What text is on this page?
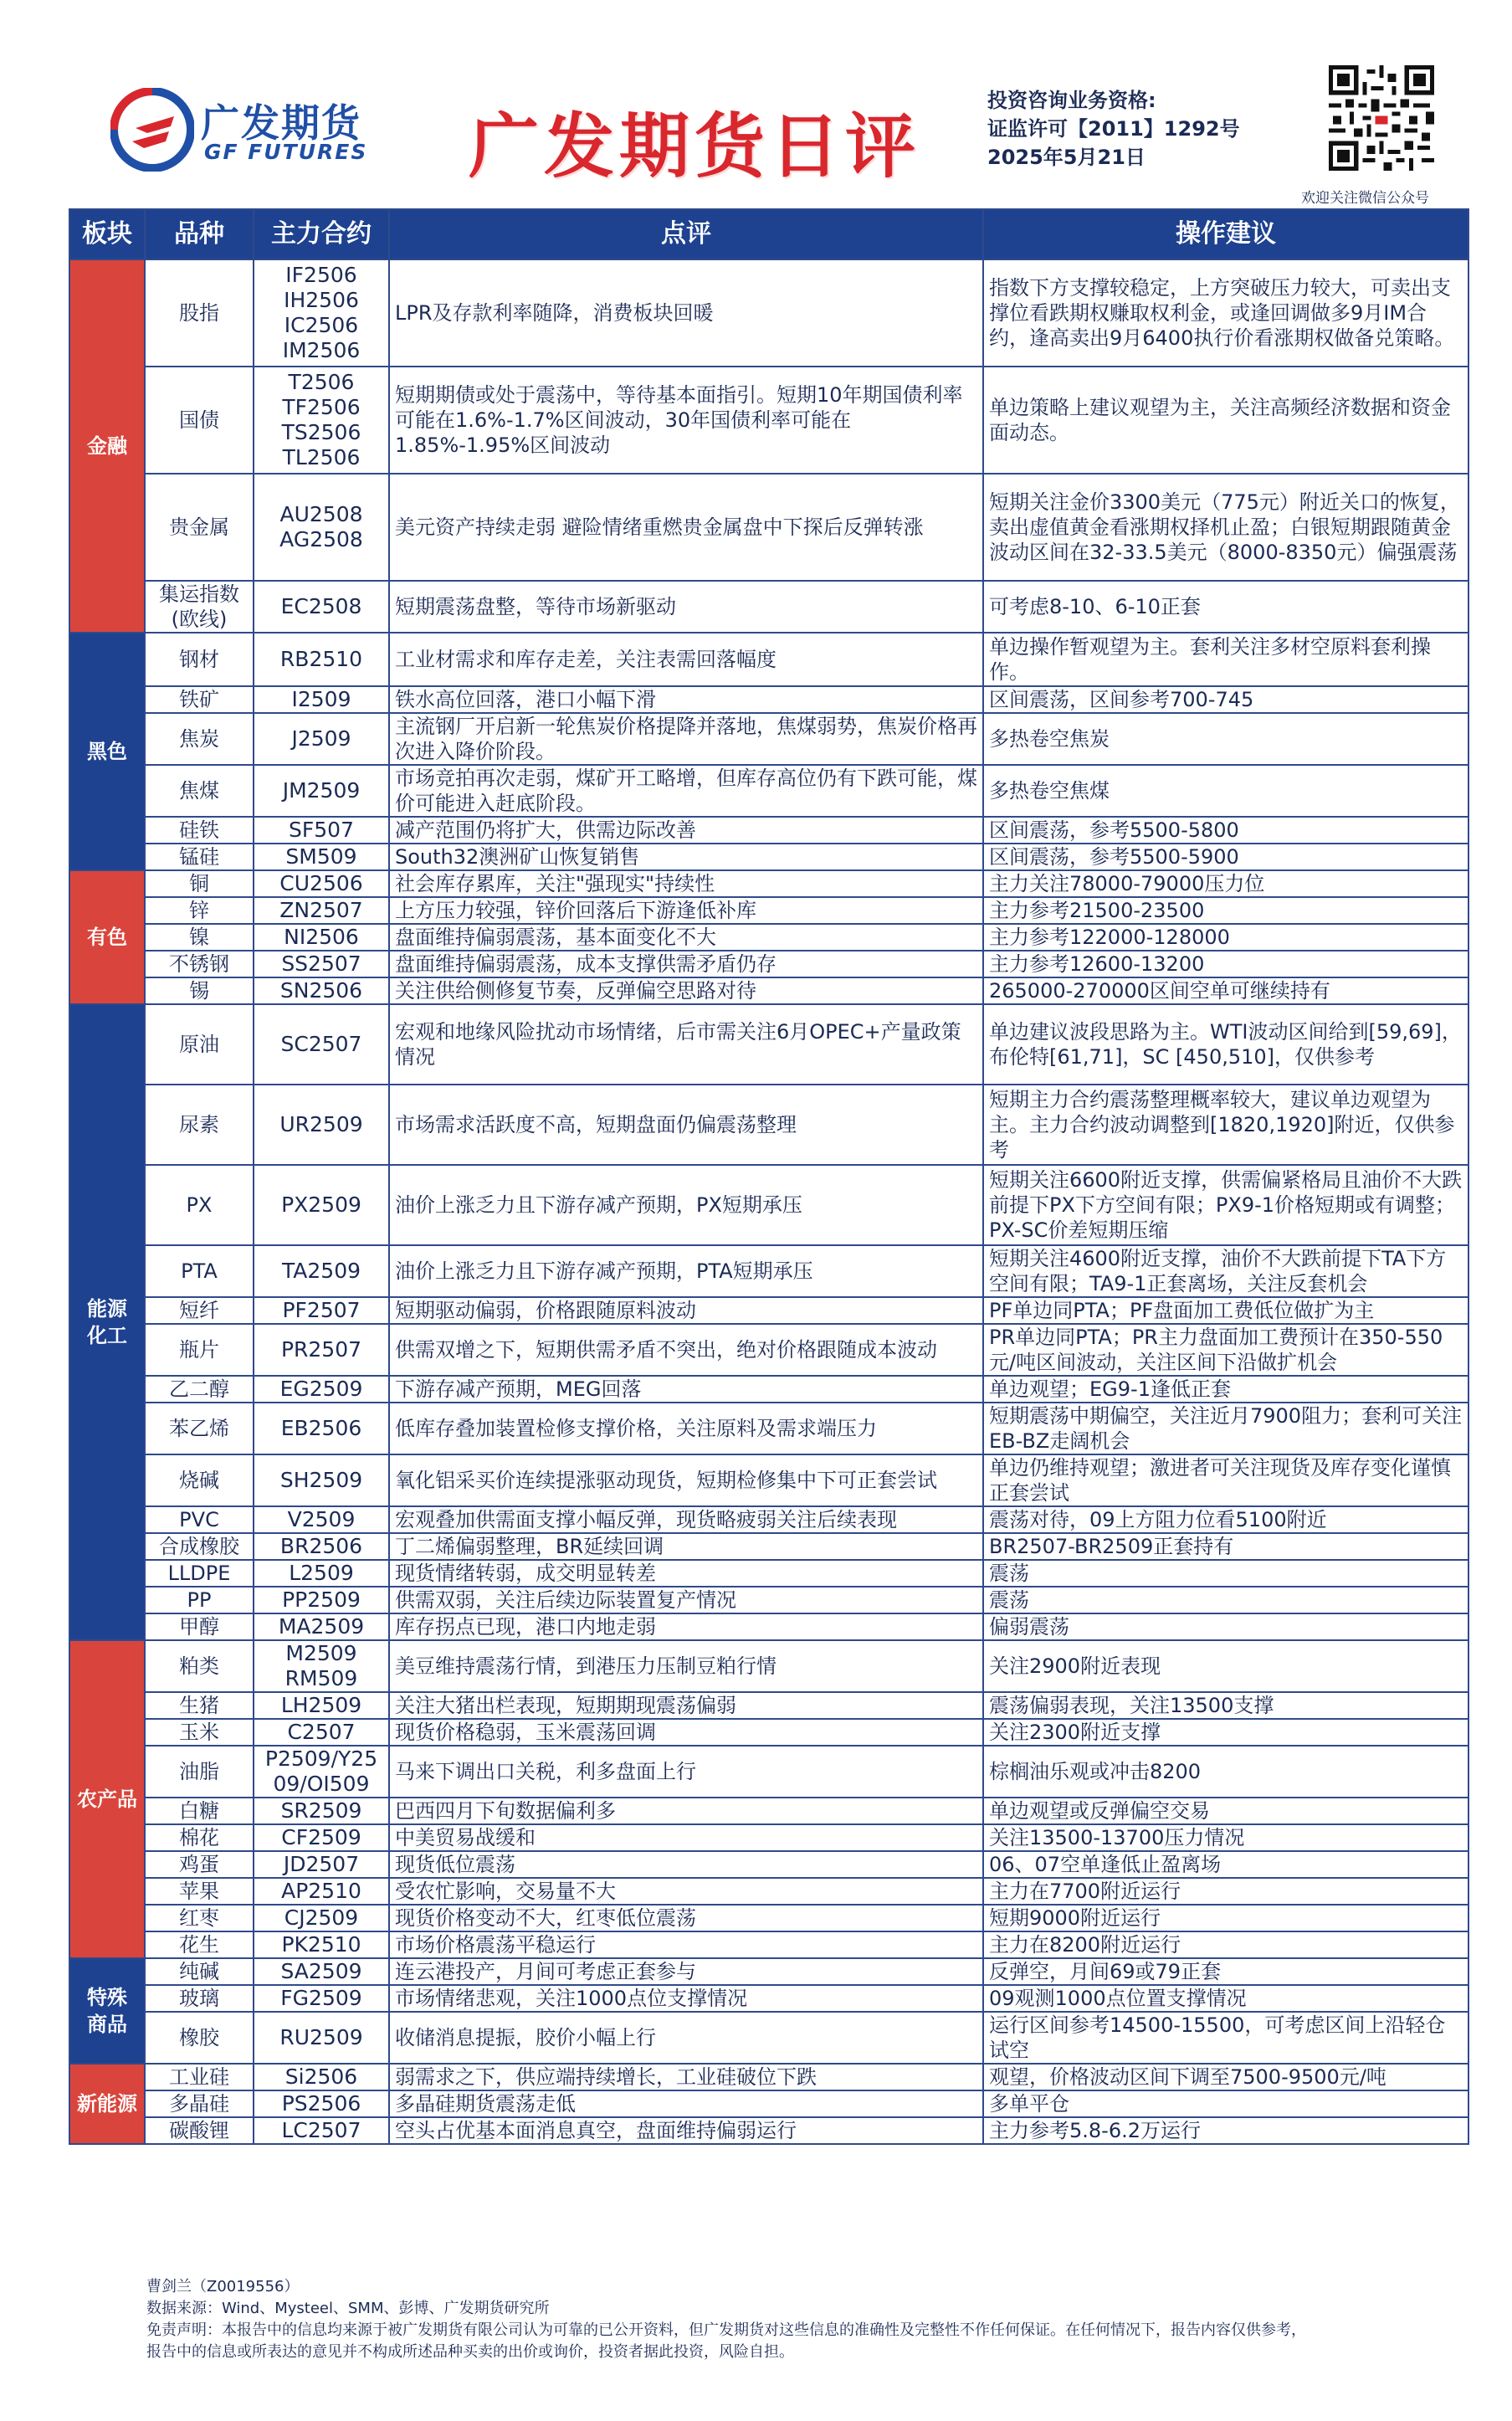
广发期货
GF FUTURES 广发期货日评
投资咨询业务资格:
证监许可【2011】1292号
2025年5月21日
欢迎关注微信公众号
板块	品种	主力合约	点评	操作建议
金融	股指	IF2506
IH2506
IC2506
IM2506	LPR及存款利率随降，消费板块回暖	指数下方支撑较稳定，上方突破压力较大，可卖出支撑位看跌期权赚取权利金，或逢回调做多9月IM合约，逢高卖出9月6400执行价看涨期权做备兑策略。
	国债	T2506
TF2506
TS2506
TL2506	短期期债或处于震荡中，等待基本面指引。短期10年期国债利率可能在1.6%-1.7%区间波动，30年国债利率可能在1.85%-1.95%区间波动	单边策略上建议观望为主，关注高频经济数据和资金面动态。
	贵金属	AU2508
AG2508	美元资产持续走弱 避险情绪重燃贵金属盘中下探后反弹转涨	短期关注金价3300美元（775元）附近关口的恢复，卖出虚值黄金看涨期权择机止盈；白银短期跟随黄金波动区间在32-33.5美元（8000-8350元）偏强震荡
	集运指数
(欧线)	EC2508	短期震荡盘整，等待市场新驱动	可考虑8-10、6-10正套
黑色	钢材	RB2510	工业材需求和库存走差，关注表需回落幅度	单边操作暂观望为主。套利关注多材空原料套利操作。
	铁矿	I2509	铁水高位回落，港口小幅下滑	区间震荡，区间参考700-745
	焦炭	J2509	主流钢厂开启新一轮焦炭价格提降并落地，焦煤弱势，焦炭价格再次进入降价阶段。	多热卷空焦炭
	焦煤	JM2509	市场竞拍再次走弱，煤矿开工略增，但库存高位仍有下跌可能，煤价可能进入赶底阶段。	多热卷空焦煤
	硅铁	SF507	减产范围仍将扩大，供需边际改善	区间震荡，参考5500-5800
	锰硅	SM509	South32澳洲矿山恢复销售	区间震荡，参考5500-5900
有色	铜	CU2506	社会库存累库，关注"强现实"持续性	主力关注78000-79000压力位
	锌	ZN2507	上方压力较强，锌价回落后下游逢低补库	主力参考21500-23500
	镍	NI2506	盘面维持偏弱震荡，基本面变化不大	主力参考122000-128000
	不锈钢	SS2507	盘面维持偏弱震荡，成本支撑供需矛盾仍存	主力参考12600-13200
	锡	SN2506	关注供给侧修复节奏，反弹偏空思路对待	265000-270000区间空单可继续持有
能源
化工	原油	SC2507	宏观和地缘风险扰动市场情绪，后市需关注6月OPEC+产量政策情况	单边建议波段思路为主。WTI波动区间给到[59,69]，布伦特[61,71]，SC [450,510]，仅供参考
	尿素	UR2509	市场需求活跃度不高，短期盘面仍偏震荡整理	短期主力合约震荡整理概率较大，建议单边观望为主。主力合约波动调整到[1820,1920]附近，仅供参考
	PX	PX2509	油价上涨乏力且下游存减产预期，PX短期承压	短期关注6600附近支撑，供需偏紧格局且油价不大跌前提下PX下方空间有限；PX9-1价格短期或有调整；PX-SC价差短期压缩
	PTA	TA2509	油价上涨乏力且下游存减产预期，PTA短期承压	短期关注4600附近支撑，油价不大跌前提下TA下方空间有限；TA9-1正套离场，关注反套机会
	短纤	PF2507	短期驱动偏弱，价格跟随原料波动	PF单边同PTA；PF盘面加工费低位做扩为主
	瓶片	PR2507	供需双增之下，短期供需矛盾不突出，绝对价格跟随成本波动	PR单边同PTA；PR主力盘面加工费预计在350-550元/吨区间波动，关注区间下沿做扩机会
	乙二醇	EG2509	下游存减产预期，MEG回落	单边观望；EG9-1逢低正套
	苯乙烯	EB2506	低库存叠加装置检修支撑价格，关注原料及需求端压力	短期震荡中期偏空，关注近月7900阻力；套利可关注EB-BZ走阔机会
	烧碱	SH2509	氧化铝采买价连续提涨驱动现货，短期检修集中下可正套尝试	单边仍维持观望；激进者可关注现货及库存变化谨慎正套尝试
	PVC	V2509	宏观叠加供需面支撑小幅反弹，现货略疲弱关注后续表现	震荡对待，09上方阻力位看5100附近
	合成橡胶	BR2506	丁二烯偏弱整理，BR延续回调	BR2507-BR2509正套持有
	LLDPE	L2509	现货情绪转弱，成交明显转差	震荡
	PP	PP2509	供需双弱，关注后续边际装置复产情况	震荡
	甲醇	MA2509	库存拐点已现，港口内地走弱	偏弱震荡
农产品	粕类	M2509
RM509	美豆维持震荡行情，到港压力压制豆粕行情	关注2900附近表现
	生猪	LH2509	关注大猪出栏表现，短期期现震荡偏弱	震荡偏弱表现，关注13500支撑
	玉米	C2507	现货价格稳弱，玉米震荡回调	关注2300附近支撑
	油脂	P2509/Y25
09/OI509	马来下调出口关税，利多盘面上行	棕榈油乐观或冲击8200
	白糖	SR2509	巴西四月下旬数据偏利多	单边观望或反弹偏空交易
	棉花	CF2509	中美贸易战缓和	关注13500-13700压力情况
	鸡蛋	JD2507	现货低位震荡	06、07空单逢低止盈离场
	苹果	AP2510	受农忙影响，交易量不大	主力在7700附近运行
	红枣	CJ2509	现货价格变动不大，红枣低位震荡	短期9000附近运行
	花生	PK2510	市场价格震荡平稳运行	主力在8200附近运行
特殊
商品	纯碱	SA2509	连云港投产，月间可考虑正套参与	反弹空，月间69或79正套
	玻璃	FG2509	市场情绪悲观，关注1000点位支撑情况	09观测1000点位置支撑情况
	橡胶	RU2509	收储消息提振，胶价小幅上行	运行区间参考14500-15500，可考虑区间上沿轻仓试空
新能源	工业硅	Si2506	弱需求之下，供应端持续增长，工业硅破位下跌	观望，价格波动区间下调至7500-9500元/吨
	多晶硅	PS2506	多晶硅期货震荡走低	多单平仓
	碳酸锂	LC2507	空头占优基本面消息真空，盘面维持偏弱运行	主力参考5.8-6.2万运行
曹剑兰（Z0019556）
数据来源：Wind、Mysteel、SMM、彭博、广发期货研究所
免责声明：本报告中的信息均来源于被广发期货有限公司认为可靠的已公开资料，但广发期货对这些信息的准确性及完整性不作任何保证。在任何情况下，报告内容仅供参考，
报告中的信息或所表达的意见并不构成所述品种买卖的出价或询价，投资者据此投资，风险自担。
